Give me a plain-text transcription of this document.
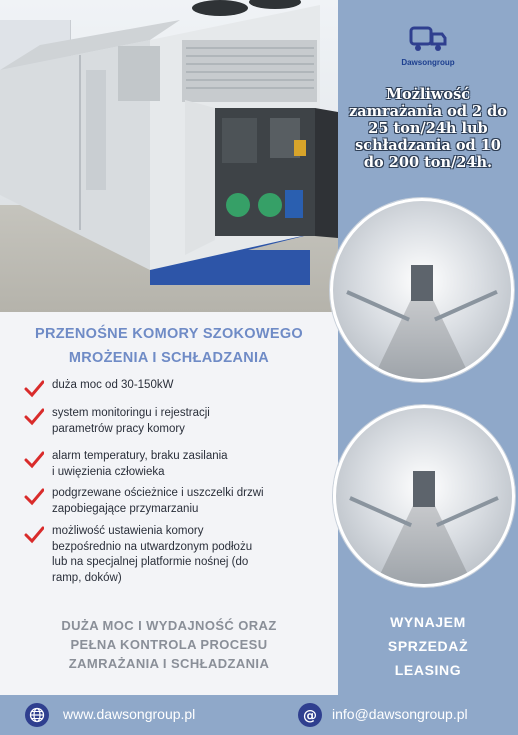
Dawsongroup
Możliwość zamrażania od 2 do 25 ton/24h lub schładzania od 10 do 200 ton/24h.
PRZENOŚNE KOMORY SZOKOWEGO
MROŻENIA I SCHŁADZANIA
duża moc od 30-150kW
system monitoringu i rejestracji
parametrów pracy komory
alarm temperatury, braku zasilania
i uwięzienia człowieka
podgrzewane ościeżnice i uszczelki drzwi
zapobiegające przymarzaniu
możliwość ustawienia komory
bezpośrednio na utwardzonym podłożu
lub na specjalnej platformie nośnej (do
ramp, doków)
DUŻA MOC I WYDAJNOŚĆ ORAZ
PEŁNA KONTROLA PROCESU
ZAMRAŻANIA I SCHŁADZANIA
WYNAJEM
SPRZEDAŻ
LEASING
www.dawsongroup.pl	@ info@dawsongroup.pl
